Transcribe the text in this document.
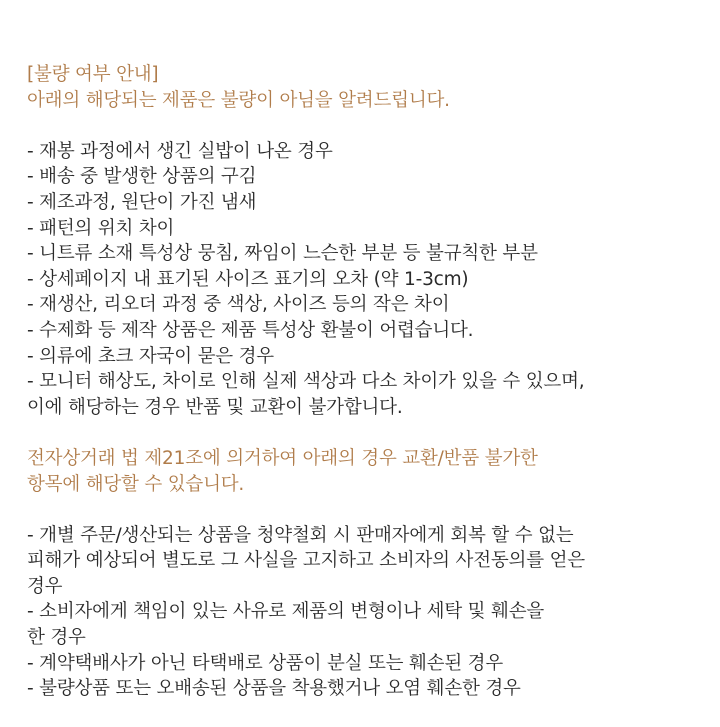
[불량 여부 안내]
아래의 해당되는 제품은 불량이 아님을 알려드립니다.
- 재봉 과정에서 생긴 실밥이 나온 경우
- 배송 중 발생한 상품의 구김
- 제조과정, 원단이 가진 냄새
- 패턴의 위치 차이
- 니트류 소재 특성상 뭉침, 짜임이 느슨한 부분 등 불규칙한 부분
- 상세페이지 내 표기된 사이즈 표기의 오차 (약 1-3cm)
- 재생산, 리오더 과정 중 색상, 사이즈 등의 작은 차이
- 수제화 등 제작 상품은 제품 특성상 환불이 어렵습니다.
- 의류에 초크 자국이 묻은 경우
- 모니터 해상도, 차이로 인해 실제 색상과 다소 차이가 있을 수 있으며,
이에 해당하는 경우 반품 및 교환이 불가합니다.
전자상거래 법 제21조에 의거하여 아래의 경우 교환/반품 불가한
항목에 해당할 수 있습니다.
- 개별 주문/생산되는 상품을 청약철회 시 판매자에게 회복 할 수 없는
피해가 예상되어 별도로 그 사실을 고지하고 소비자의 사전동의를 얻은
경우
- 소비자에게 책임이 있는 사유로 제품의 변형이나 세탁 및 훼손을
한 경우
- 계약택배사가 아닌 타택배로 상품이 분실 또는 훼손된 경우
- 불량상품 또는 오배송된 상품을 착용했거나 오염 훼손한 경우
